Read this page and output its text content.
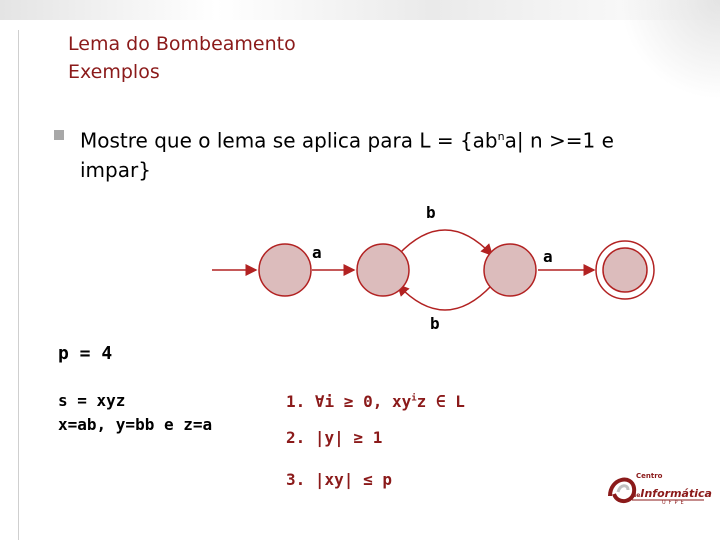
Lema do Bombeamento
Exemplos
Mostre que o lema se aplica para $L = \{ab^na|$ n >=1 e
impar}
a
b
a
b
p = 4
s = xyz
x=ab, y=bb e z=a
1. ∀i ≥ 0, $xy^iz$ ∈ L
2. |y| ≥ 1
3. |xy| ≤ p	Centro
deInformática
UFPE
